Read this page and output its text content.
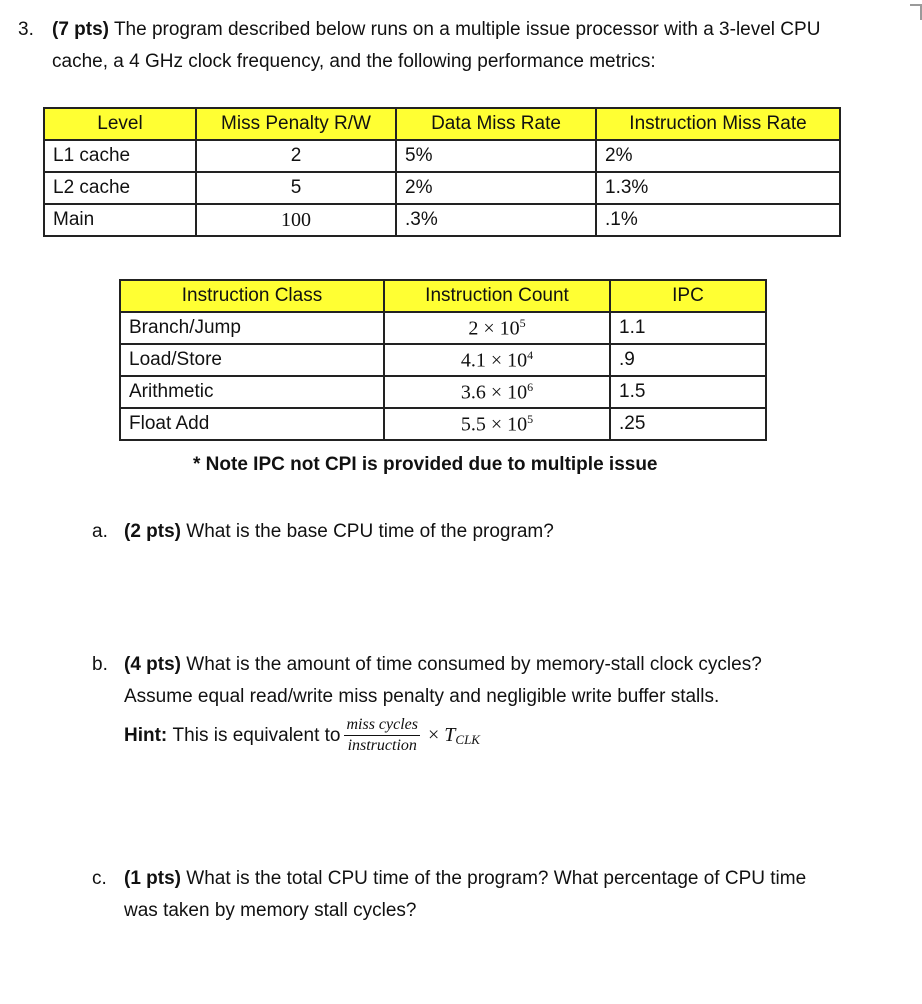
3. (7 pts) The program described below runs on a multiple issue processor with a 3-level CPU
cache, a 4 GHz clock frequency, and the following performance metrics:
Level	Miss Penalty R/W	Data Miss Rate	Instruction Miss Rate
L1 cache	2	5%	2%
L2 cache	5	2%	1.3%
Main	100	.3%	.1%
Instruction Class	Instruction Count	IPC
Branch/Jump	$2 \times 10^5$	1.1
Load/Store	$4.1 \times 10^4$	.9
Arithmetic	$3.6 \times 10^6$	1.5
Float Add	$5.5 \times 10^5$	.25
* Note IPC not CPI is provided due to multiple issue
a. (2 pts) What is the base CPU time of the program?
b. (4 pts) What is the amount of time consumed by memory-stall clock cycles?
Assume equal read/write miss penalty and negligible write buffer stalls.
Hint:
This is equivalent to $\frac{\text{miss cycles}}{\text{instruction}} \times T_{CLK}$
c. (1 pts) What is the total CPU time of the program? What percentage of CPU time
was taken by memory stall cycles?
